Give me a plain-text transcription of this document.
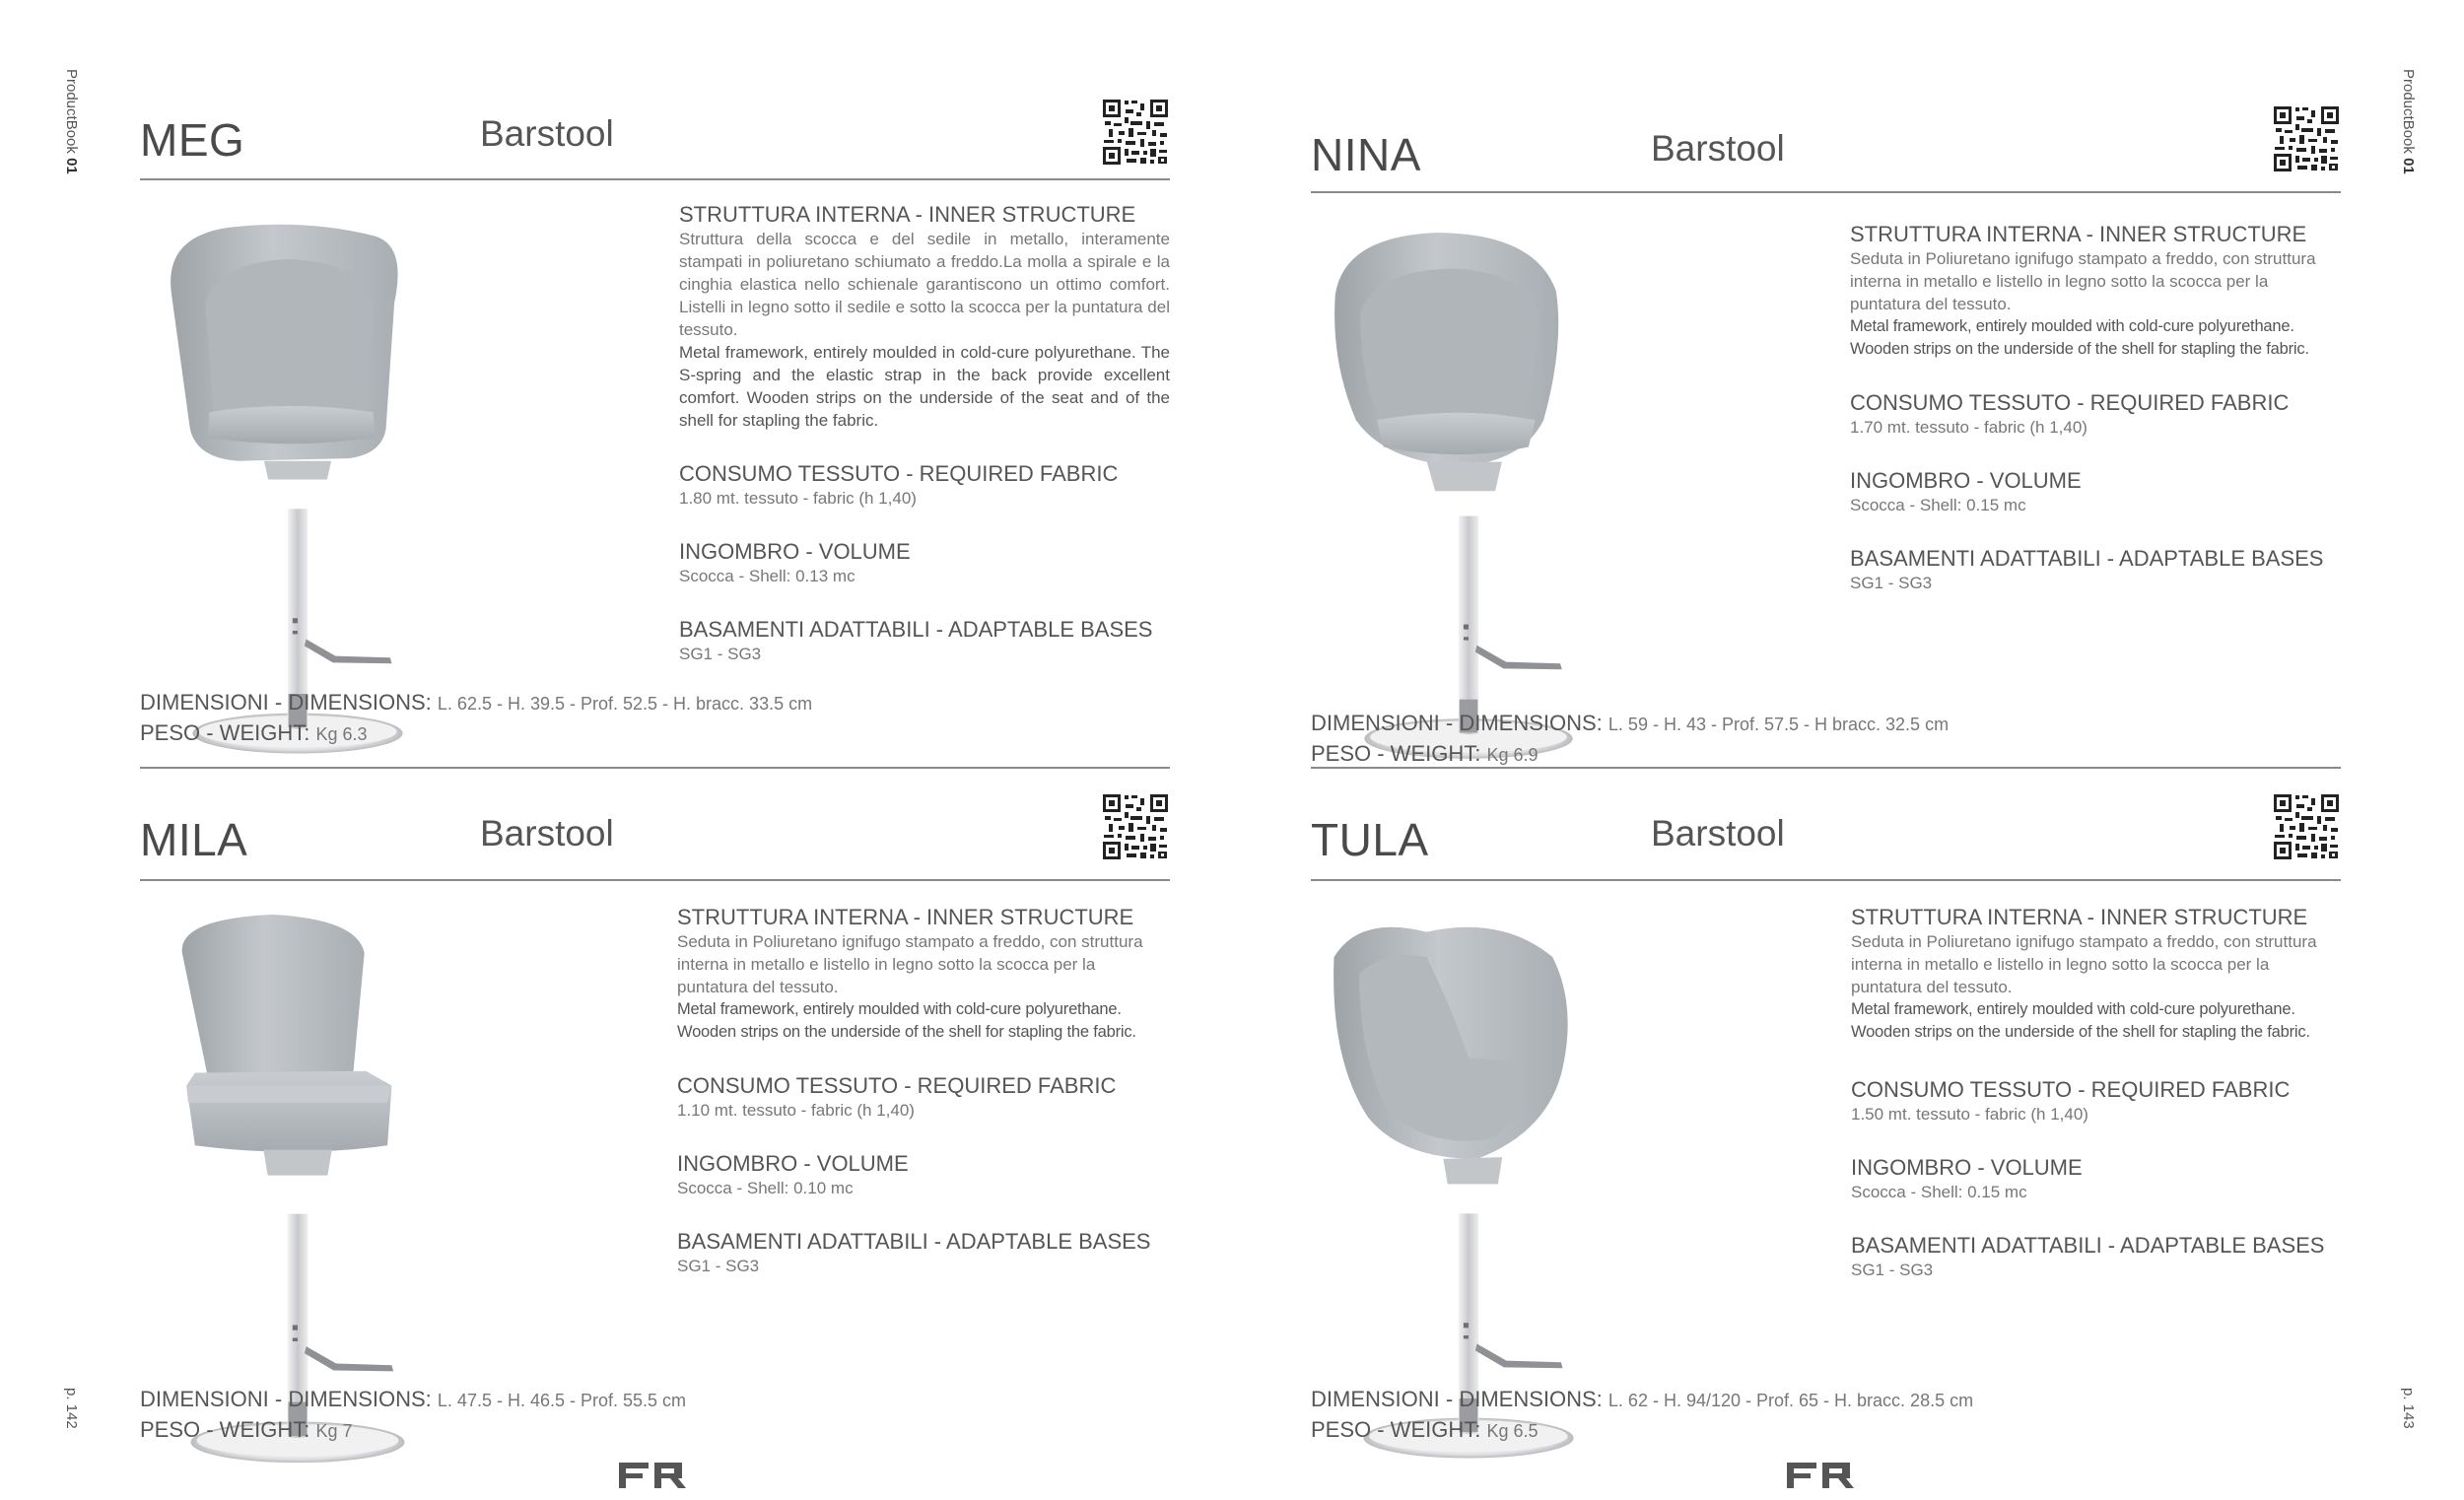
ProductBook 01
ProductBook 01
p. 142	p. 143
MEG	Barstool

STRUTTURA INTERNA - INNER STRUCTURE

Struttura della scocca e del sedile in metallo, interamente stampati in poliuretano schiumato a freddo.La molla a spirale e la cinghia elastica nello schienale garantiscono un ottimo comfort. Listelli in legno sotto il sedile e sotto la scocca per la puntatura del tessuto.

Metal framework, entirely moulded in cold-cure polyurethane. The S-spring and the elastic strap in the back provide excellent comfort. Wooden strips on the underside of the seat and of the shell for stapling the fabric.

CONSUMO TESSUTO - REQUIRED FABRIC

1.80 mt. tessuto - fabric (h 1,40)

INGOMBRO - VOLUME

Scocca - Shell: 0.13 mc

BASAMENTI ADATTABILI - ADAPTABLE BASES

SG1 - SG3

DIMENSIONI - DIMENSIONS: L. 62.5 - H. 39.5 - Prof. 52.5 - H. bracc. 33.5 cm
PESO - WEIGHT: Kg 6.3
NINA	Barstool

STRUTTURA INTERNA - INNER STRUCTURE

Seduta in Poliuretano ignifugo stampato a freddo, con struttura interna in metallo e listello in legno sotto la scocca per la puntatura del tessuto.

Metal framework, entirely moulded with cold-cure polyurethane. Wooden strips on the underside of the shell for stapling the fabric.

CONSUMO TESSUTO - REQUIRED FABRIC

1.70 mt. tessuto - fabric (h 1,40)

INGOMBRO - VOLUME

Scocca - Shell: 0.15 mc

BASAMENTI ADATTABILI - ADAPTABLE BASES

SG1 - SG3

DIMENSIONI - DIMENSIONS: L. 59 - H. 43 - Prof. 57.5 - H bracc. 32.5 cm
PESO - WEIGHT: Kg 6.9
MILA	Barstool

STRUTTURA INTERNA - INNER STRUCTURE

Seduta in Poliuretano ignifugo stampato a freddo, con struttura interna in metallo e listello in legno sotto la scocca per la puntatura del tessuto.

Metal framework, entirely moulded with cold-cure polyurethane. Wooden strips on the underside of the shell for stapling the fabric.

CONSUMO TESSUTO - REQUIRED FABRIC

1.10 mt. tessuto - fabric (h 1,40)

INGOMBRO - VOLUME

Scocca - Shell: 0.10 mc

BASAMENTI ADATTABILI - ADAPTABLE BASES

SG1 - SG3

DIMENSIONI - DIMENSIONS: L. 47.5 - H. 46.5 - Prof. 55.5 cm
PESO - WEIGHT: Kg 7
TULA	Barstool

STRUTTURA INTERNA - INNER STRUCTURE

Seduta in Poliuretano ignifugo stampato a freddo, con struttura interna in metallo e listello in legno sotto la scocca per la puntatura del tessuto.

Metal framework, entirely moulded with cold-cure polyurethane. Wooden strips on the underside of the shell for stapling the fabric.

CONSUMO TESSUTO - REQUIRED FABRIC

1.50 mt. tessuto - fabric (h 1,40)

INGOMBRO - VOLUME

Scocca - Shell: 0.15 mc

BASAMENTI ADATTABILI - ADAPTABLE BASES

SG1 - SG3

DIMENSIONI - DIMENSIONS: L. 62 - H. 94/120 - Prof. 65 - H. bracc. 28.5 cm
PESO - WEIGHT: Kg 6.5
